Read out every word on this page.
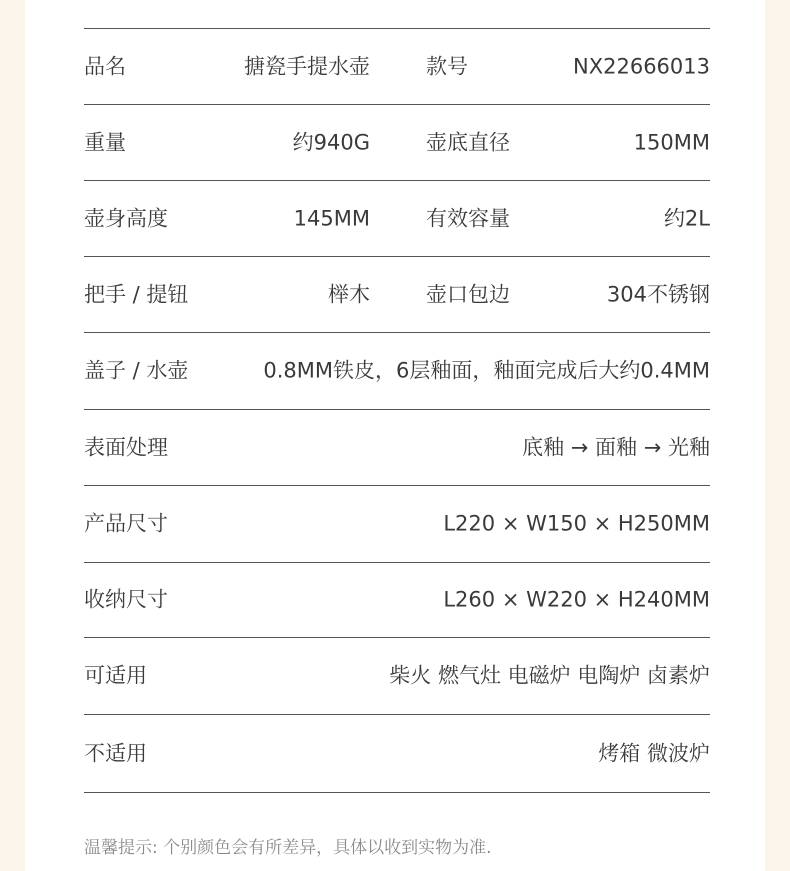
品名	搪瓷手提水壶	款号	NX22666013
重量	约940G	壶底直径	150MM
壶身高度	145MM	有效容量	约2L
把手 / 提钮	榉木	壶口包边	304不锈钢
盖子 / 水壶	0.8MM铁皮，6层釉面，釉面完成后大约0.4MM
表面处理	底釉 → 面釉 → 光釉
产品尺寸	L220 × W150 × H250MM
收纳尺寸	L260 × W220 × H240MM
可适用	柴火 燃气灶 电磁炉 电陶炉 卤素炉
不适用	烤箱 微波炉
温馨提示: 个别颜色会有所差异，具体以收到实物为准.
